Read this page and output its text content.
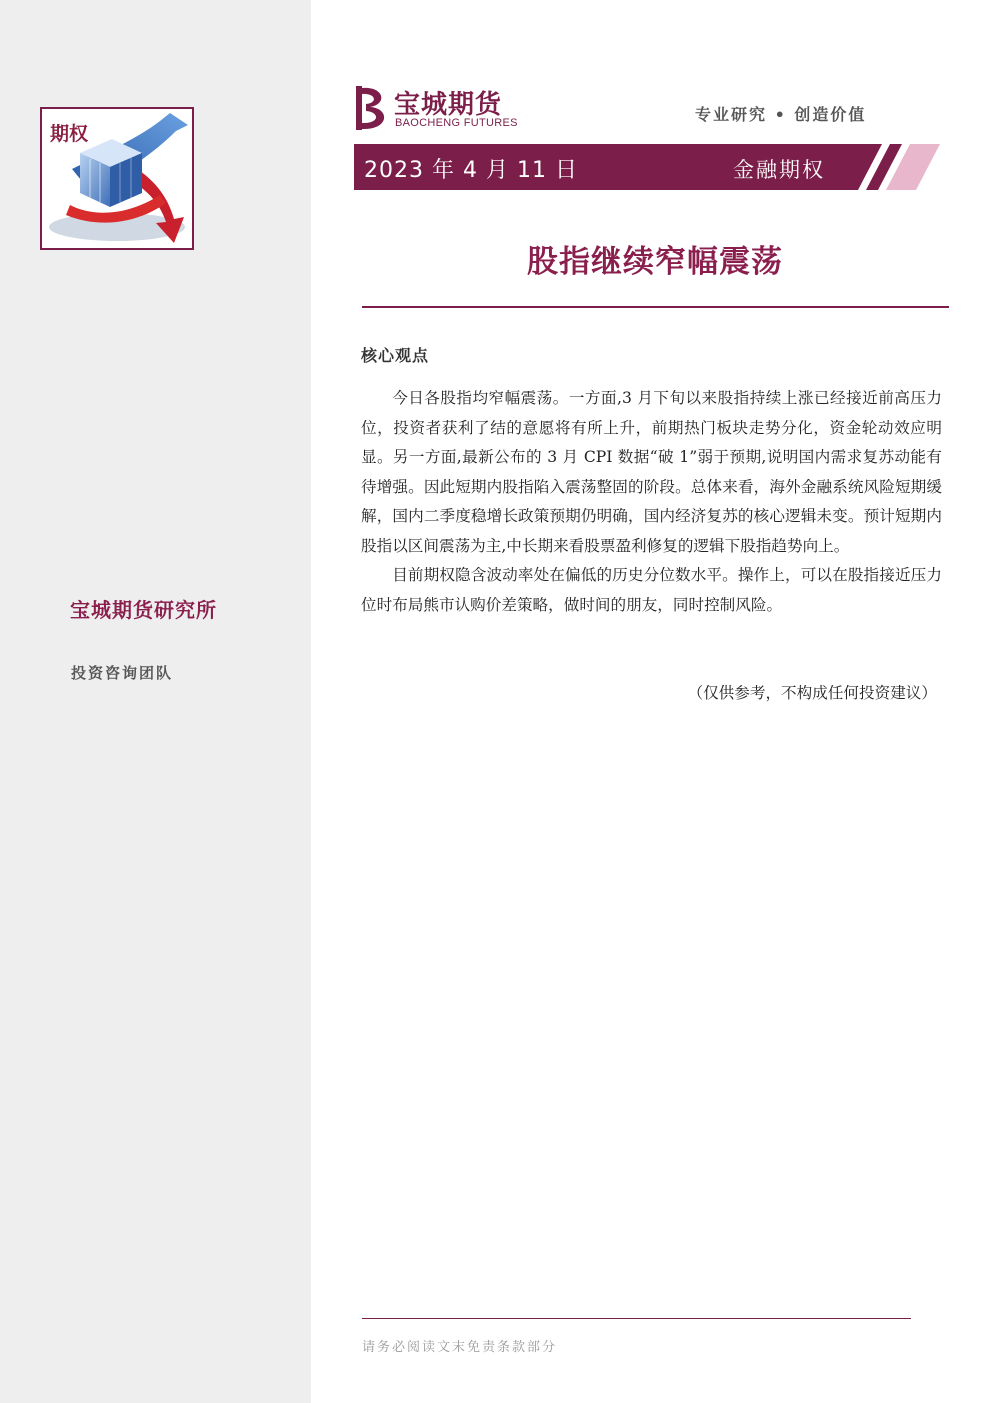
期权
宝城期货研究所
投资咨询团队
宝城期货
BAOCHENG FUTURES	专业研究 • 创造价值
2023 年 4 月 11 日	金融期权
股指继续窄幅震荡
核心观点

今日各股指均窄幅震荡。一方面,3 月下旬以来股指持续上涨已经接近前高压力位，投资者获利了结的意愿将有所上升，前期热门板块走势分化，资金轮动效应明显。另一方面,最新公布的 3 月 CPI 数据“破 1”弱于预期,说明国内需求复苏动能有待增强。因此短期内股指陷入震荡整固的阶段。总体来看，海外金融系统风险短期缓解，国内二季度稳增长政策预期仍明确，国内经济复苏的核心逻辑未变。预计短期内股指以区间震荡为主,中长期来看股票盈利修复的逻辑下股指趋势向上。

目前期权隐含波动率处在偏低的历史分位数水平。操作上，可以在股指接近压力位时布局熊市认购价差策略，做时间的朋友，同时控制风险。

（仅供参考，不构成任何投资建议）
请务必阅读文末免责条款部分
